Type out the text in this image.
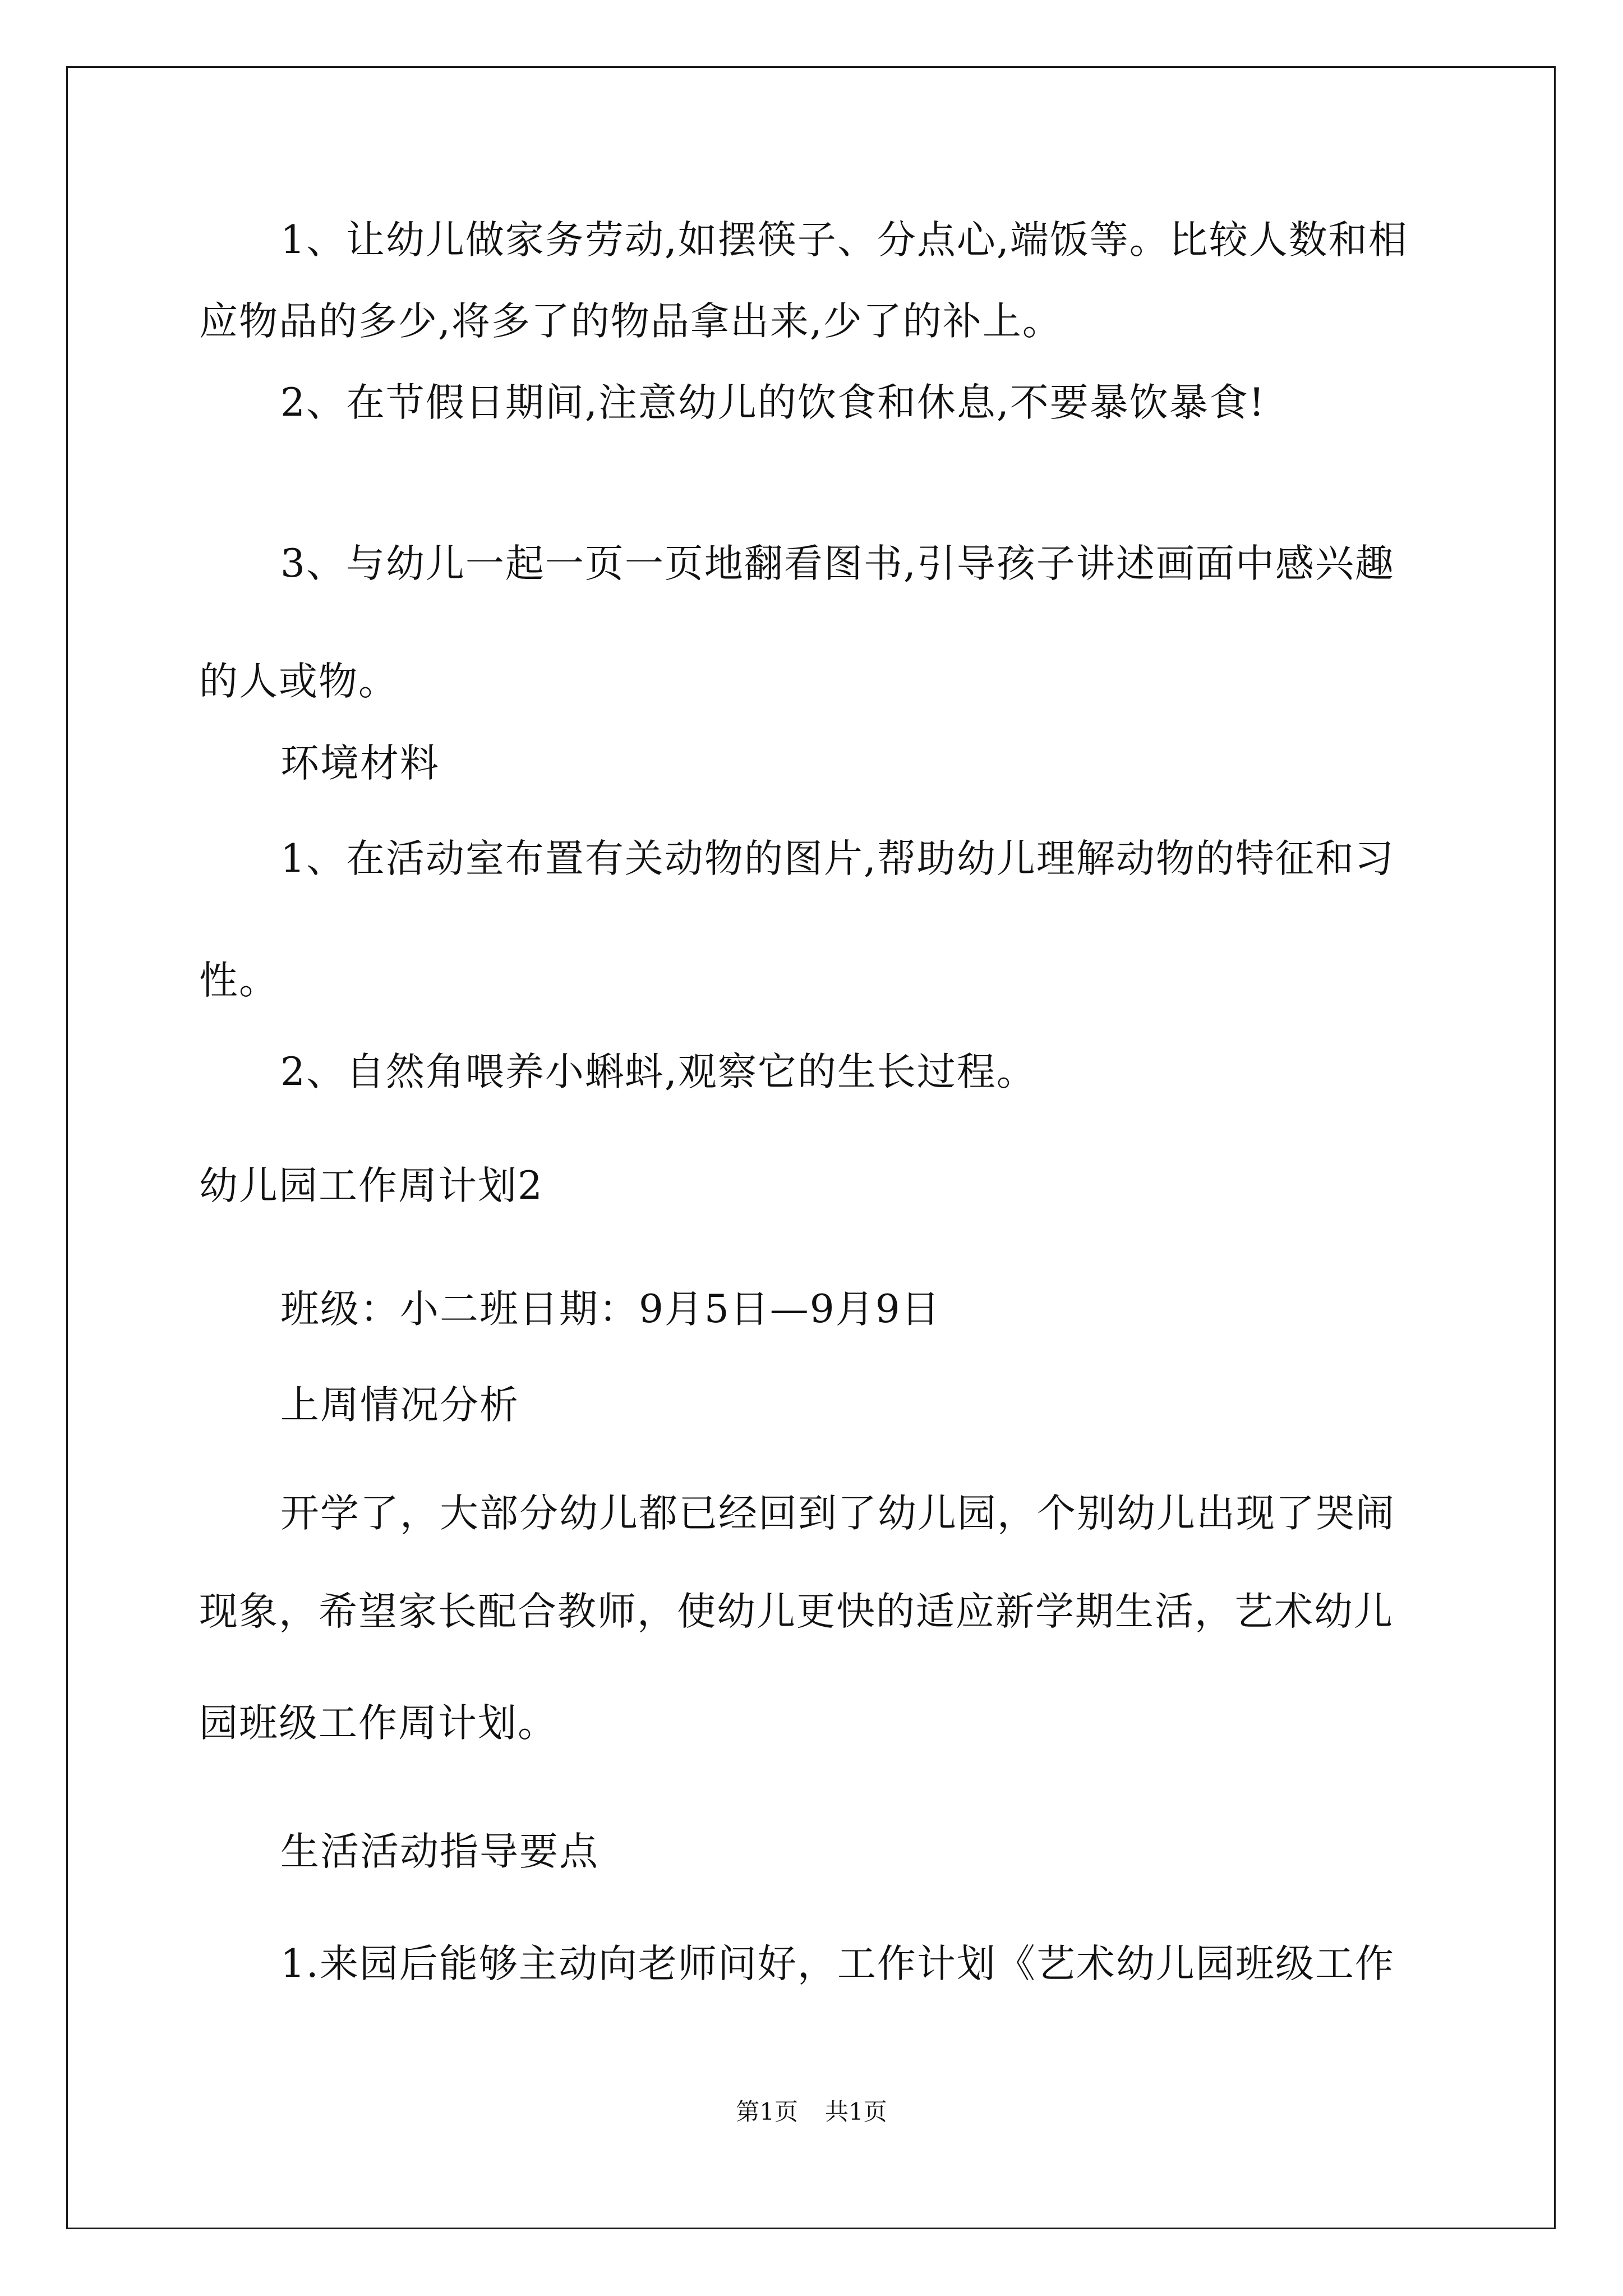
1、让幼儿做家务劳动,如摆筷子、分点心,端饭等。比较人数和相
应物品的多少,将多了的物品拿出来,少了的补上。
2、在节假日期间,注意幼儿的饮食和休息,不要暴饮暴食!
3、与幼儿一起一页一页地翻看图书,引导孩子讲述画面中感兴趣
的人或物。
环境材料
1、在活动室布置有关动物的图片,帮助幼儿理解动物的特征和习
性。
2、自然角喂养小蝌蚪,观察它的生长过程。
幼儿园工作周计划2
班级：小二班日期：9月5日—9月9日
上周情况分析
开学了，大部分幼儿都已经回到了幼儿园，个别幼儿出现了哭闹
现象，希望家长配合教师，使幼儿更快的适应新学期生活，艺术幼儿
园班级工作周计划。
生活活动指导要点
1.来园后能够主动向老师问好，工作计划《艺术幼儿园班级工作
第1页 共1页
